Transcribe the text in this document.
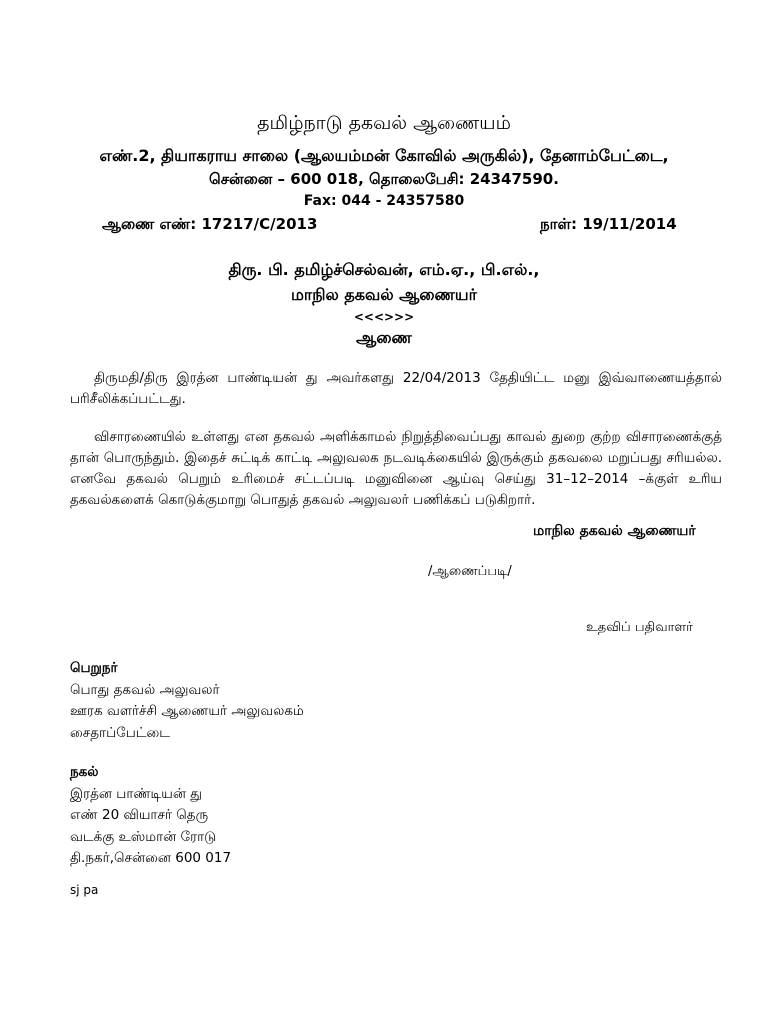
தமிழ்நாடு தகவல் ஆணையம்
எண்.2, தியாகராய சாலை (ஆலயம்மன் கோவில் அருகில்), தேனாம்பேட்டை,
சென்னை – 600 018, தொலைபேசி: 24347590.
Fax: 044 - 24357580
ஆணை எண்: 17217/C/2013	நாள்: 19/11/2014
திரு. பி. தமிழ்ச்செல்வன், எம்.ஏ., பி.எல்.,
மாநில தகவல் ஆணையர்
<<<>>>
ஆணை
திருமதி/திரு இரத்ன பாண்டியன் து அவர்களது 22/04/2013 தேதியிட்ட மனு இவ்வாணையத்தால் பரிசீலிக்கப்பட்டது.
விசாரணையில் உள்ளது என தகவல் அளிக்காமல் நிறுத்திவைப்பது காவல் துறை குற்ற விசாரணைக்குத் தான் பொருந்தும். இதைச் சுட்டிக் காட்டி அலுவலக நடவடிக்கையில் இருக்கும் தகவலை மறுப்பது சரியல்ல. எனவே தகவல் பெறும் உரிமைச் சட்டப்படி மனுவினை ஆய்வு செய்து 31–12–2014 –க்குள் உரிய தகவல்களைக் கொடுக்குமாறு பொதுத் தகவல் அலுவலர் பணிக்கப் படுகிறார்.
மாநில தகவல் ஆணையர்
/ஆணைப்படி/
உதவிப் பதிவாளர்
பெறுநர்
பொது தகவல் அலுவலர்
ஊரக வளர்ச்சி ஆணையர் அலுவலகம்
சைதாப்பேட்டை
நகல்
இரத்ன பாண்டியன் து
எண் 20 வியாசர் தெரு
வடக்கு உஸ்மான் ரோடு
தி.நகர்,சென்னை 600 017
sj pa
